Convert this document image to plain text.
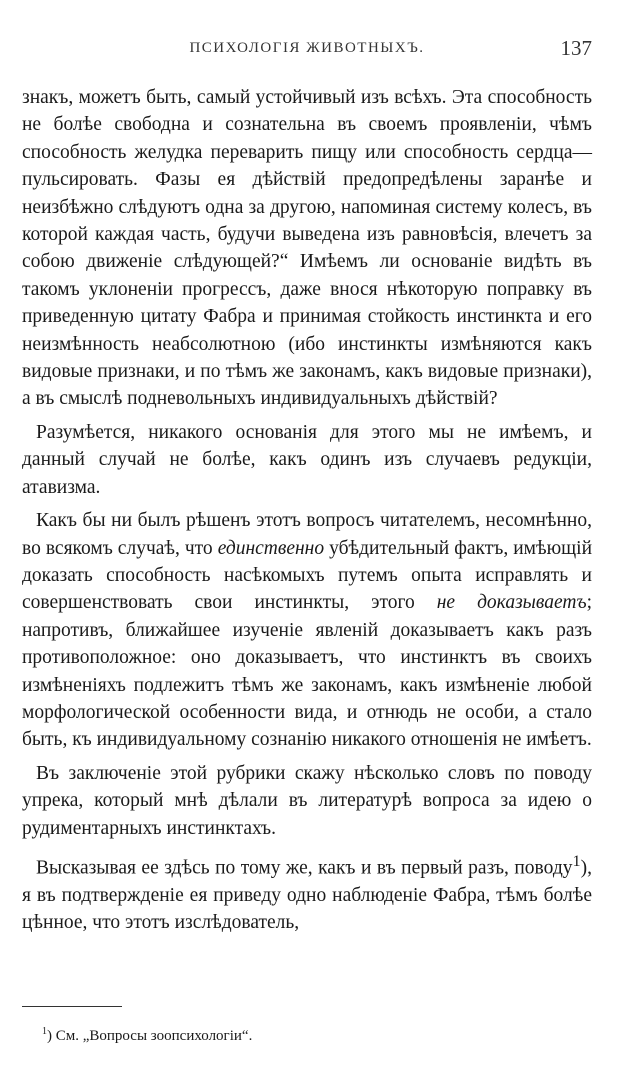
ПСИХОЛОГІЯ ЖИВОТНЫХЪ.	137

знакъ, можетъ быть, самый устойчивый изъ всѣхъ. Эта способность не болѣе свободна и сознательна въ своемъ проявленіи, чѣмъ способность желудка переварить пищу или способность сердца—пульсировать. Фазы ея дѣйствій предопредѣлены заранѣе и неизбѣжно слѣдуютъ одна за другою, напоминая систему колесъ, въ которой каждая часть, будучи выведена изъ равновѣсія, влечетъ за собою движеніе слѣдующей?“ Имѣемъ ли основаніе видѣть въ такомъ уклоненіи прогрессъ, даже внося нѣкоторую поправку въ приведенную цитату Фабра и принимая стойкость инстинкта и его неизмѣнность неабсолютною (ибо инстинкты измѣняются какъ видовые признаки, и по тѣмъ же законамъ, какъ видовые признаки), а въ смыслѣ подневольныхъ индивидуальныхъ дѣйствій?

Разумѣется, никакого основанія для этого мы не имѣемъ, и данный случай не болѣе, какъ одинъ изъ случаевъ редукціи, атавизма.

Какъ бы ни былъ рѣшенъ этотъ вопросъ читателемъ, несомнѣнно, во всякомъ случаѣ, что единственно убѣдительный фактъ, имѣющій доказать способность насѣкомыхъ путемъ опыта исправлять и совершенствовать свои инстинкты, этого не доказываетъ; напротивъ, ближайшее изученіе явленій доказываетъ какъ разъ противоположное: оно доказываетъ, что инстинктъ въ своихъ измѣненіяхъ подлежитъ тѣмъ же законамъ, какъ измѣненіе любой морфологической особенности вида, и отнюдь не особи, а стало быть, къ индивидуальному сознанію никакого отношенія не имѣетъ.

Въ заключеніе этой рубрики скажу нѣсколько словъ по поводу упрека, который мнѣ дѣлали въ литературѣ вопроса за идею о рудиментарныхъ инстинктахъ.

Высказывая ее здѣсь по тому же, какъ и въ первый разъ, поводу$^1$), я въ подтвержденіе ея приведу одно наблюденіе Фабра, тѣмъ болѣе цѣнное, что этотъ изслѣдователь,

$^1$) См. „Вопросы зоопсихологіи“.
